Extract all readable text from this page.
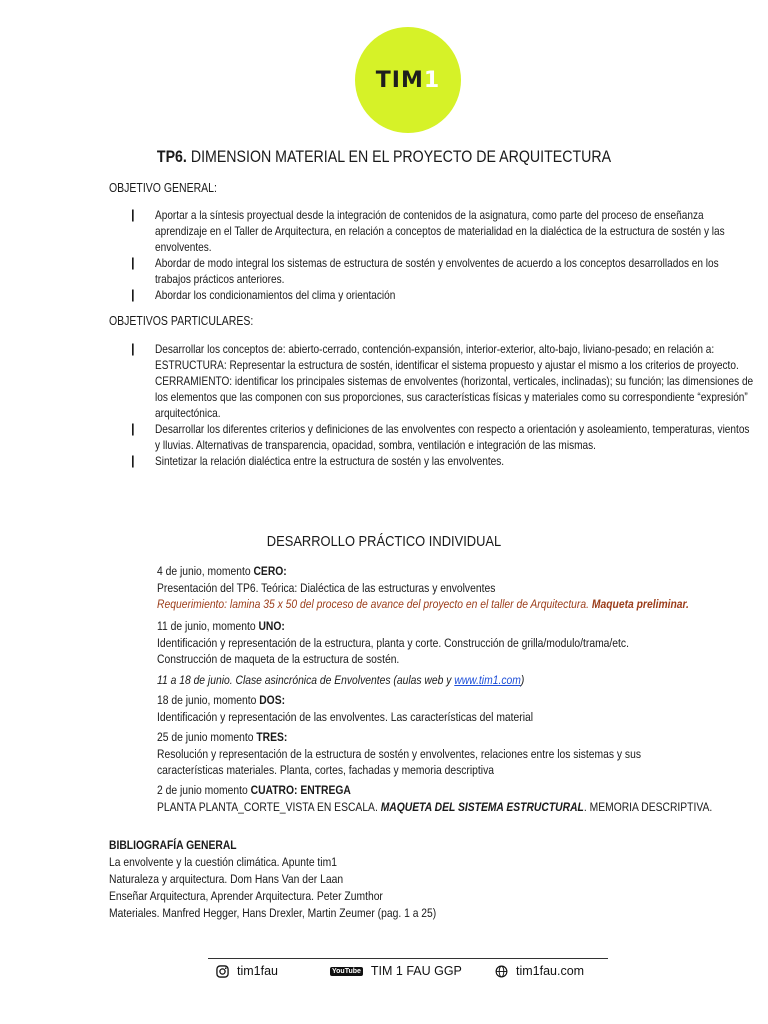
TIM1
TP6. DIMENSION MATERIAL EN EL PROYECTO DE ARQUITECTURA
OBJETIVO GENERAL:
| Aportar a la síntesis proyectual desde la integración de contenidos de la asignatura, como parte del proceso de enseñanza aprendizaje en el Taller de Arquitectura, en relación a conceptos de materialidad en la dialéctica de la estructura de sostén y las envolventes.
| Abordar de modo integral los sistemas de estructura de sostén y envolventes de acuerdo a los conceptos desarrollados en los trabajos prácticos anteriores.
| Abordar los condicionamientos del clima y orientación
OBJETIVOS PARTICULARES:
| Desarrollar los conceptos de: abierto-cerrado, contención-expansión, interior-exterior, alto-bajo, liviano-pesado; en relación a:
ESTRUCTURA: Representar la estructura de sostén, identificar el sistema propuesto y ajustar el mismo a los criterios de proyecto.
CERRAMIENTO: identificar los principales sistemas de envolventes (horizontal, verticales, inclinadas); su función; las dimensiones de los elementos que las componen con sus proporciones, sus características físicas y materiales como su correspondiente “expresión” arquitectónica.
| Desarrollar los diferentes criterios y definiciones de las envolventes con respecto a orientación y asoleamiento, temperaturas, vientos y lluvias. Alternativas de transparencia, opacidad, sombra, ventilación e integración de las mismas.
| Sintetizar la relación dialéctica entre la estructura de sostén y las envolventes.
DESARROLLO PRÁCTICO INDIVIDUAL
4 de junio, momento CERO:
Presentación del TP6. Teórica: Dialéctica de las estructuras y envolventes
Requerimiento: lamina 35 x 50 del proceso de avance del proyecto en el taller de Arquitectura. Maqueta preliminar.
11 de junio, momento UNO:
Identificación y representación de la estructura, planta y corte. Construcción de grilla/modulo/trama/etc.
Construcción de maqueta de la estructura de sostén.
11 a 18 de junio. Clase asincrónica de Envolventes (aulas web y www.tim1.com)
18 de junio, momento DOS:
Identificación y representación de las envolventes. Las características del material
25 de junio momento TRES:
Resolución y representación de la estructura de sostén y envolventes, relaciones entre los sistemas y sus
características materiales. Planta, cortes, fachadas y memoria descriptiva
2 de junio momento CUATRO: ENTREGA
PLANTA PLANTA_CORTE_VISTA EN ESCALA. MAQUETA DEL SISTEMA ESTRUCTURAL. MEMORIA DESCRIPTIVA.
BIBLIOGRAFÍA GENERAL
La envolvente y la cuestión climática. Apunte tim1
Naturaleza y arquitectura. Dom Hans Van der Laan
Enseñar Arquitectura, Aprender Arquitectura. Peter Zumthor
Materiales. Manfred Hegger, Hans Drexler, Martin Zeumer (pag. 1 a 25)
tim1fau	YouTube TIM 1 FAU GGP	tim1fau.com
